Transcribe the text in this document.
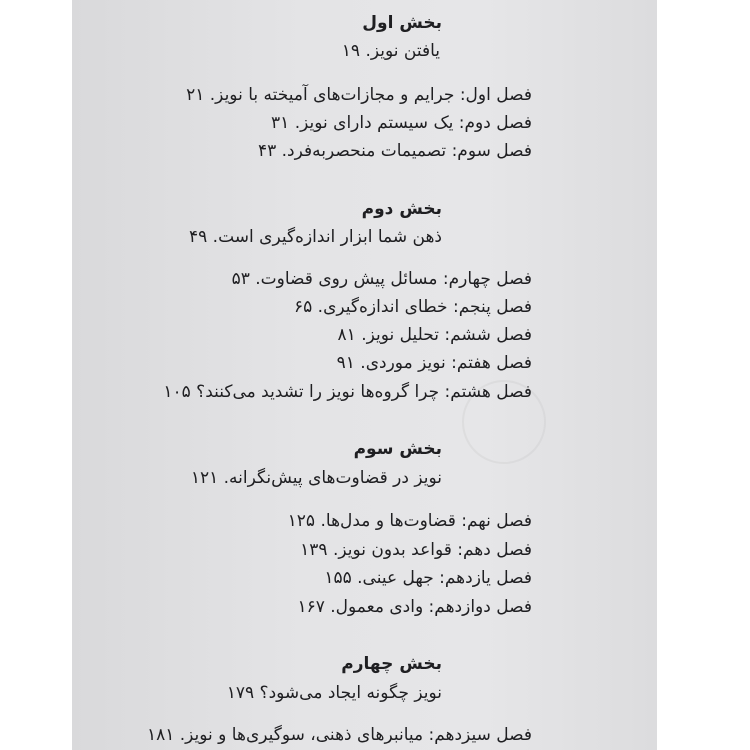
بخش اول
یافتن نویز. ۱۹
فصل اول: جرایم و مجازات‌های آمیخته با نویز. ۲۱
فصل دوم: یک سیستم دارای نویز. ۳۱
فصل سوم: تصمیمات منحصربه‌فرد. ۴۳
بخش دوم
ذهن شما ابزار اندازه‌گیری است. ۴۹
فصل چهارم: مسائل پیش روی قضاوت. ۵۳
فصل پنجم: خطای اندازه‌گیری. ۶۵
فصل ششم: تحلیل نویز. ۸۱
فصل هفتم: نویز موردی. ۹۱
فصل هشتم: چرا گروه‌ها نویز را تشدید می‌کنند؟ ۱۰۵
بخش سوم
نویز در قضاوت‌های پیش‌نگرانه. ۱۲۱
فصل نهم: قضاوت‌ها و مدل‌ها. ۱۲۵
فصل دهم: قواعد بدون نویز. ۱۳۹
فصل یازدهم: جهل عینی. ۱۵۵
فصل دوازدهم: وادی معمول. ۱۶۷
بخش چهارم
نویز چگونه ایجاد می‌شود؟ ۱۷۹
فصل سیزدهم: میانبرهای ذهنی، سوگیری‌ها و نویز. ۱۸۱
